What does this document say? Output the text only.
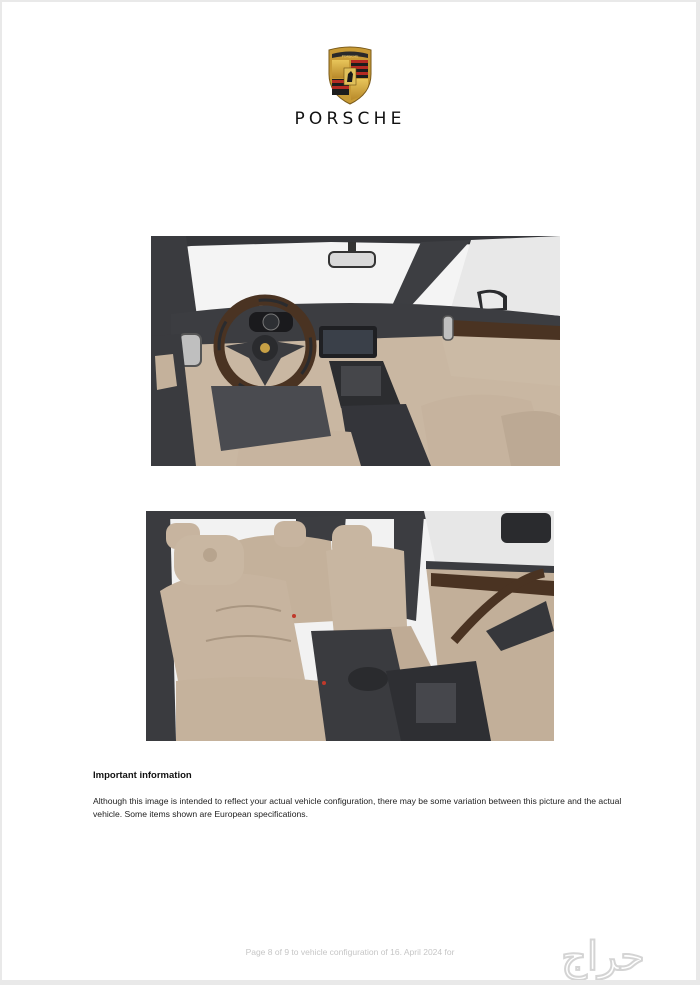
PORSCHE
PORSCHE
Important information
Although this image is intended to reflect your actual vehicle configuration, there may be some variation between this picture and the actual vehicle. Some items shown are European specifications.
Page 8 of 9 to vehicle configuration of 16. April 2024 for	حراج
